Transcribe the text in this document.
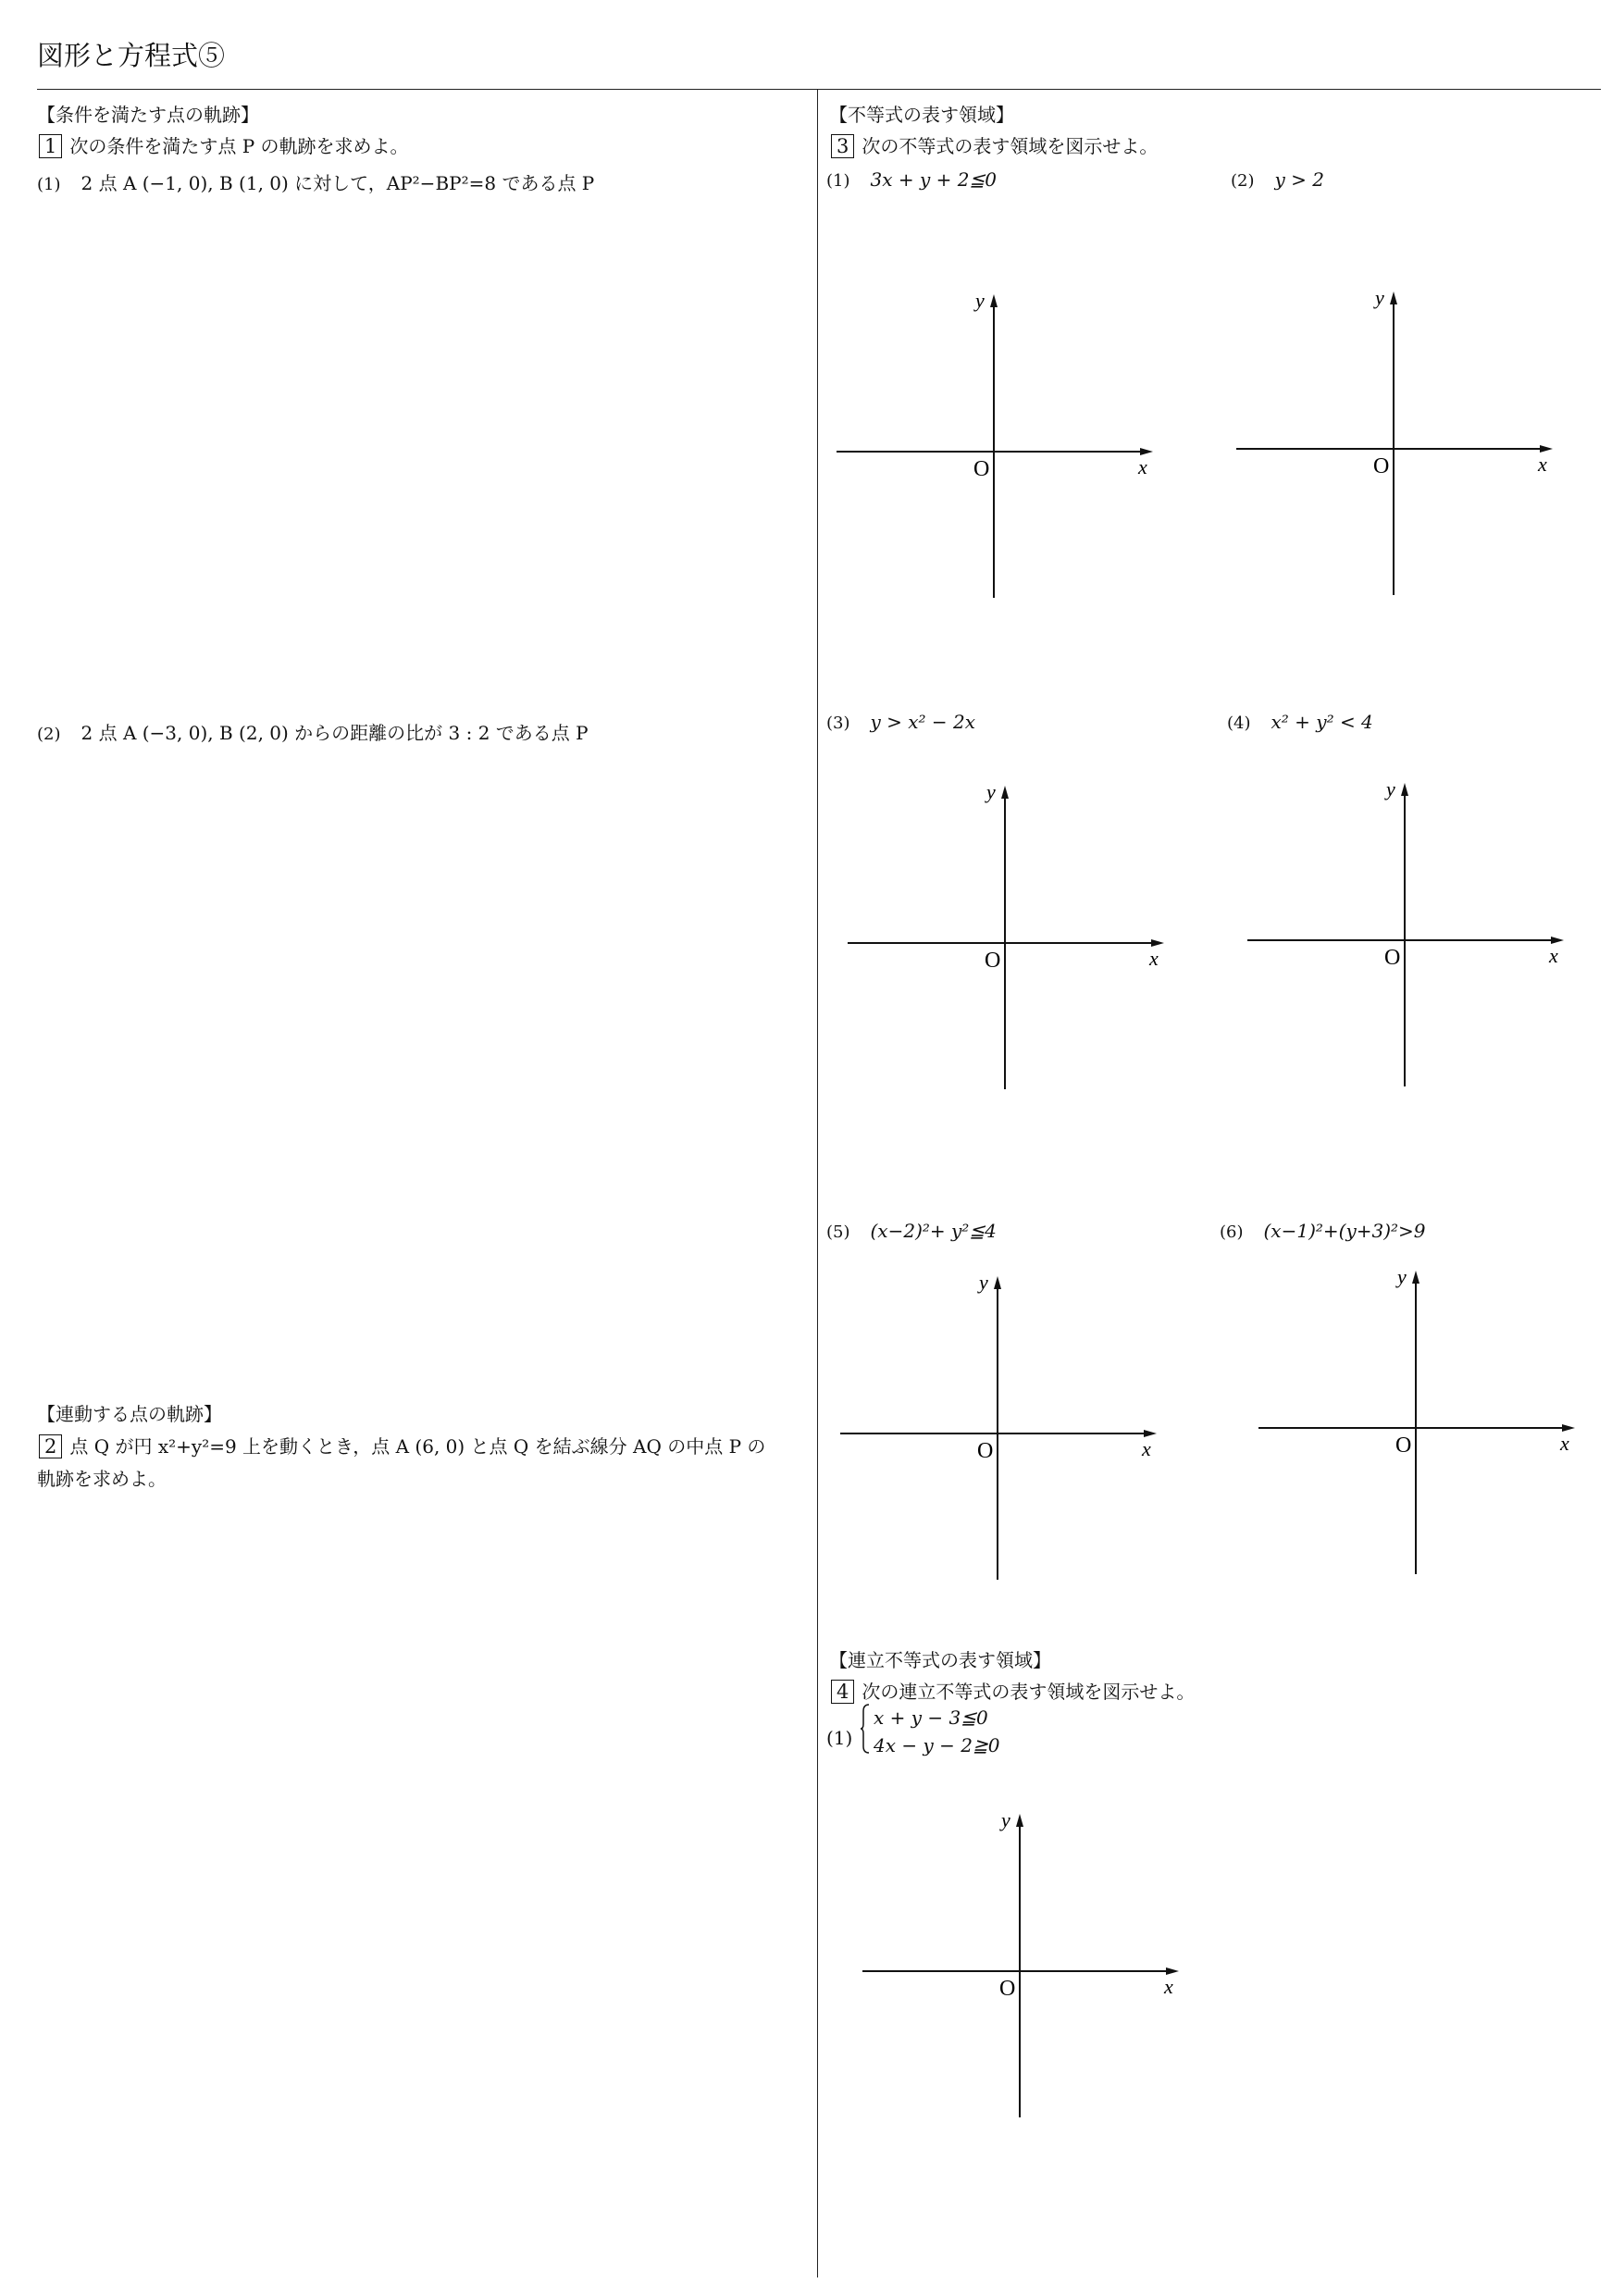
図形と方程式⑤
【条件を満たす点の軌跡】
1 次の条件を満たす点 P の軌跡を求めよ。
(1) 2 点 A (−1, 0), B (1, 0) に対して，AP²−BP²=8 である点 P
(2) 2 点 A (−3, 0), B (2, 0) からの距離の比が 3 : 2 である点 P
【連動する点の軌跡】
2 点 Q が円 x²+y²=9 上を動くとき，点 A (6, 0) と点 Q を結ぶ線分 AQ の中点 P の
軌跡を求めよ。
【不等式の表す領域】
3 次の不等式の表す領域を図示せよ。
(1) 3x + y + 2≦0	(2) y > 2
(3) y > x² − 2x	(4) x² + y² < 4
(5) (x−2)²+ y²≦4	(6) (x−1)²+(y+3)²>9
【連立不等式の表す領域】
4 次の連立不等式の表す領域を図示せよ。
(1)
x + y − 3≦0
4x − y − 2≧0
x
y
O	x
y
O
x
y
O	x
y
O
x
y
O	x
y
O
x
y
O
